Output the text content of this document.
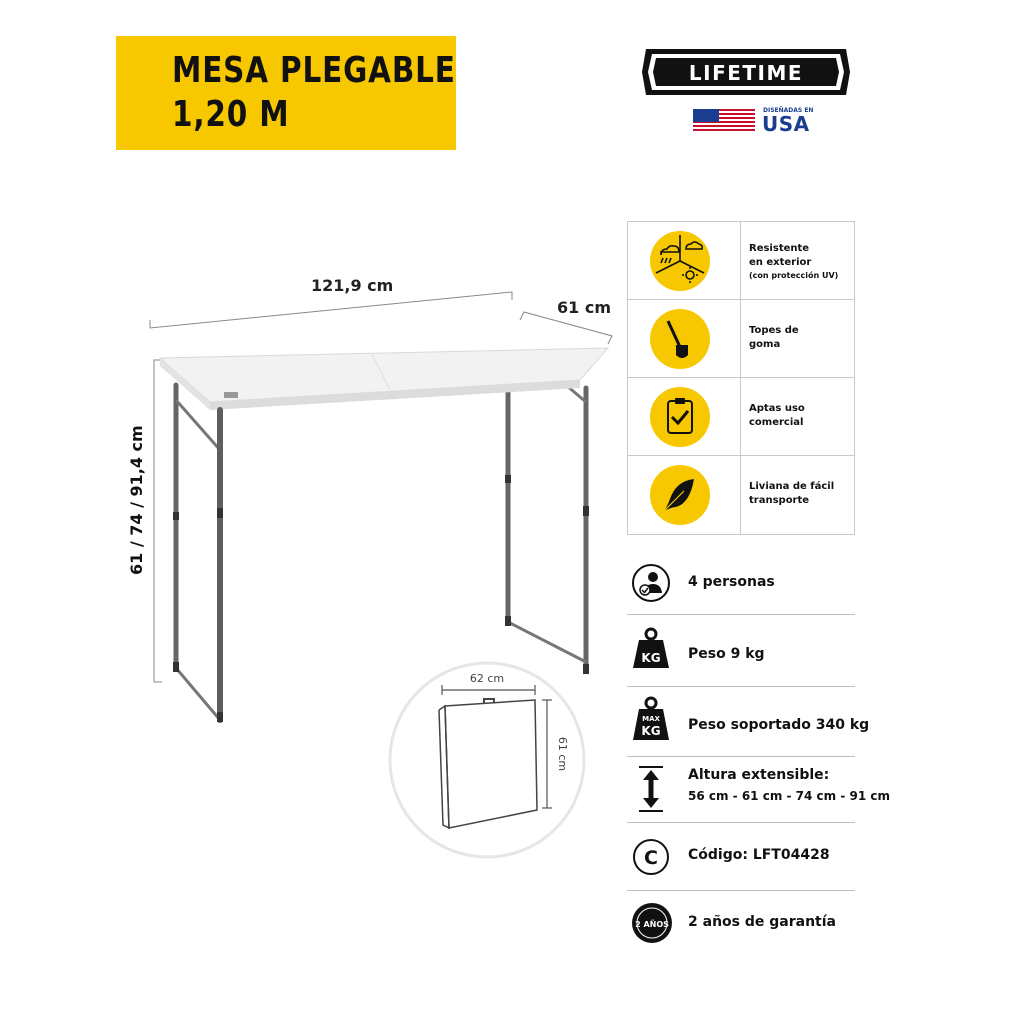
MESA PLEGABLE
1,20 M
LIFETIME
DISEÑADAS EN
USA
121,9 cm
61 cm
61 / 74 / 91,4 cm
62 cm
61 cm
Resistente
en exterior
(con protección UV)
Topes de
goma
Aptas uso
comercial
Liviana de fácil
transporte
4 personas
KG Peso 9 kg
MAX
KG Peso soportado 340 kg
Altura extensible:
56 cm - 61 cm - 74 cm - 91 cm
C Código: LFT04428
2 AÑOS 2 años de garantía
